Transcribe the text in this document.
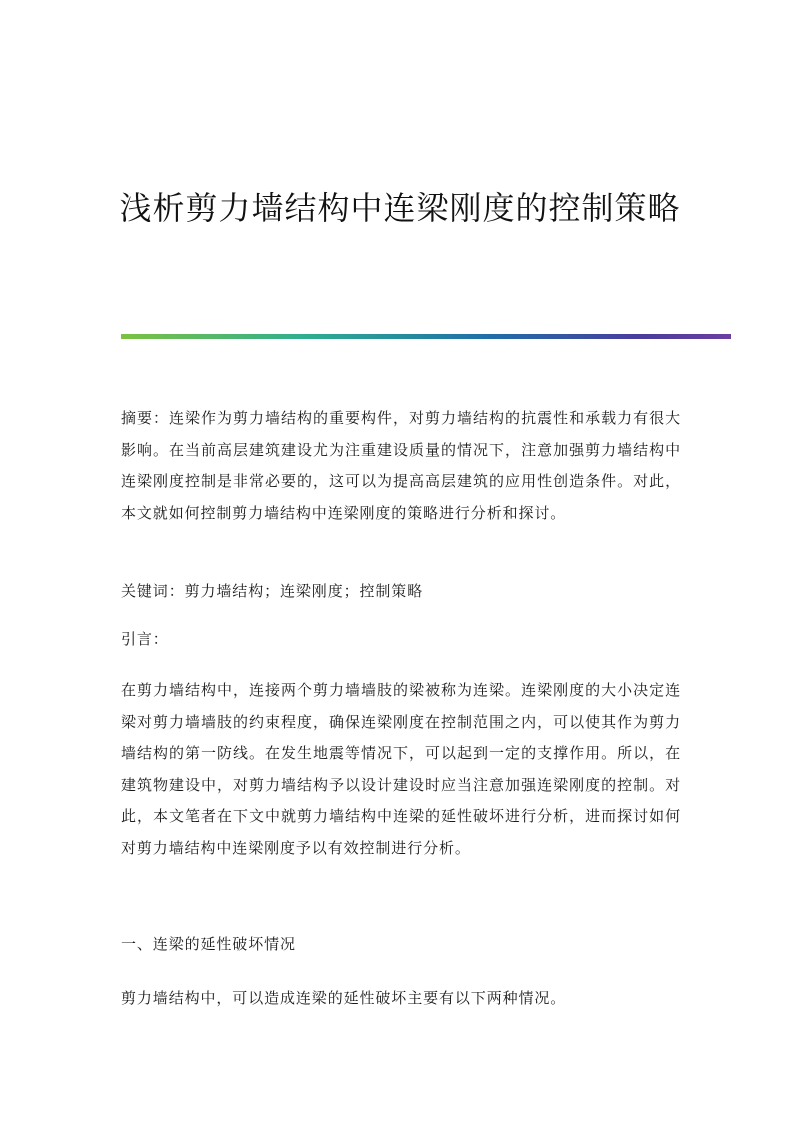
浅析剪力墙结构中连梁刚度的控制策略

摘要：连梁作为剪力墙结构的重要构件，对剪力墙结构的抗震性和承载力有很大影响。在当前高层建筑建设尤为注重建设质量的情况下，注意加强剪力墙结构中连梁刚度控制是非常必要的，这可以为提高高层建筑的应用性创造条件。对此，本文就如何控制剪力墙结构中连梁刚度的策略进行分析和探讨。

关键词：剪力墙结构；连梁刚度；控制策略

引言：

在剪力墙结构中，连接两个剪力墙墙肢的梁被称为连梁。连梁刚度的大小决定连梁对剪力墙墙肢的约束程度，确保连梁刚度在控制范围之内，可以使其作为剪力墙结构的第一防线。在发生地震等情况下，可以起到一定的支撑作用。所以，在建筑物建设中，对剪力墙结构予以设计建设时应当注意加强连梁刚度的控制。对此，本文笔者在下文中就剪力墙结构中连梁的延性破坏进行分析，进而探讨如何对剪力墙结构中连梁刚度予以有效控制进行分析。

一、连梁的延性破坏情况

剪力墙结构中，可以造成连梁的延性破坏主要有以下两种情况。
